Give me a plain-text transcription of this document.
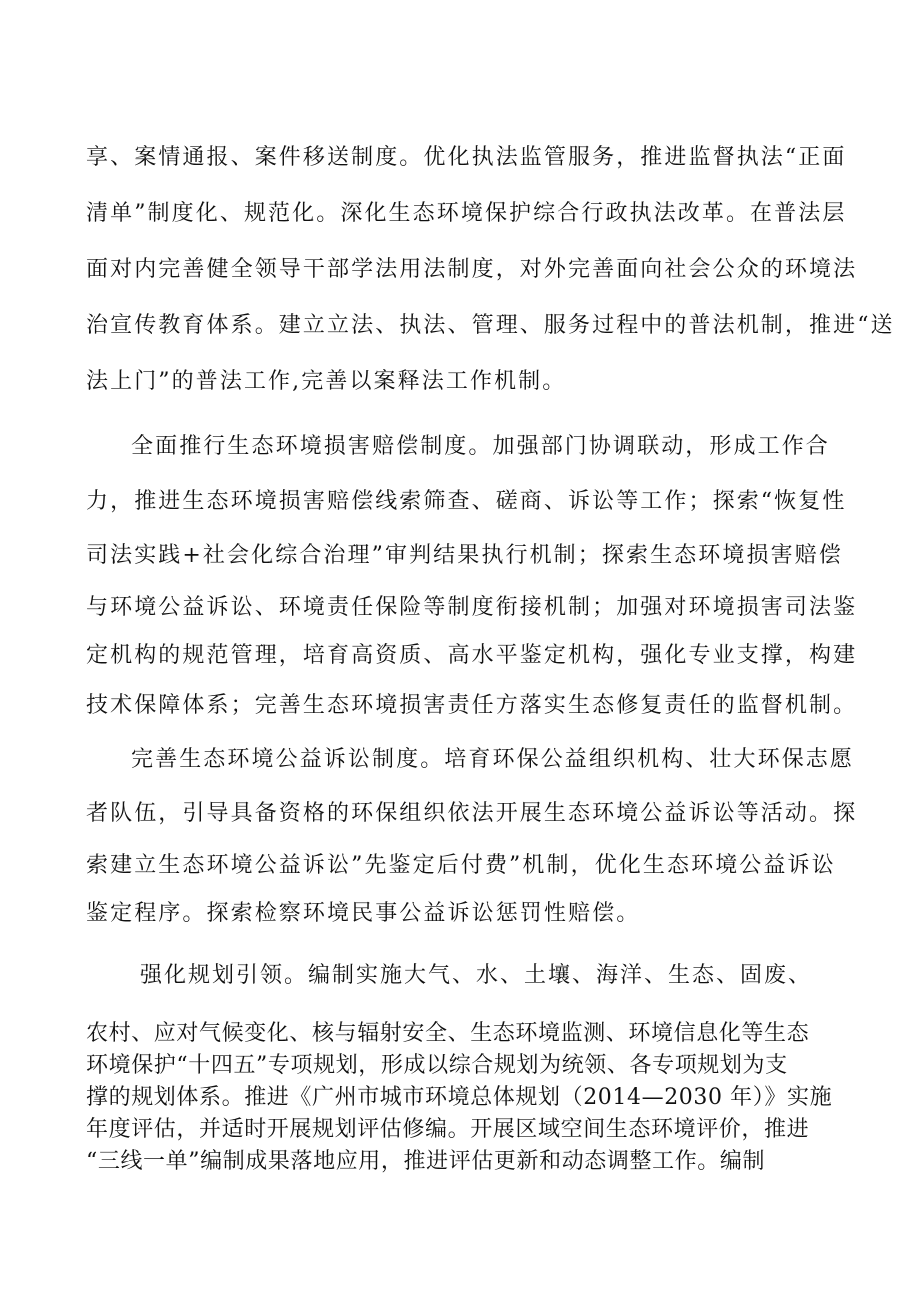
享、案情通报、案件移送制度。优化执法监管服务，推进监督执法“正面
清单”制度化、规范化。深化生态环境保护综合行政执法改革。在普法层
面对内完善健全领导干部学法用法制度，对外完善面向社会公众的环境法
治宣传教育体系。建立立法、执法、管理、服务过程中的普法机制，推进“送
法上门”的普法工作,完善以案释法工作机制。
全面推行生态环境损害赔偿制度。加强部门协调联动，形成工作合
力，推进生态环境损害赔偿线索筛查、磋商、诉讼等工作；探索“恢复性
司法实践+社会化综合治理”审判结果执行机制；探索生态环境损害赔偿
与环境公益诉讼、环境责任保险等制度衔接机制；加强对环境损害司法鉴
定机构的规范管理，培育高资质、高水平鉴定机构，强化专业支撑，构建
技术保障体系；完善生态环境损害责任方落实生态修复责任的监督机制。
完善生态环境公益诉讼制度。培育环保公益组织机构、壮大环保志愿
者队伍，引导具备资格的环保组织依法开展生态环境公益诉讼等活动。探
索建立生态环境公益诉讼”先鉴定后付费”机制，优化生态环境公益诉讼
鉴定程序。探索检察环境民事公益诉讼惩罚性赔偿。
强化规划引领。编制实施大气、水、土壤、海洋、生态、固废、
农村、应对气候变化、核与辐射安全、生态环境监测、环境信息化等生态
环境保护“十四五”专项规划，形成以综合规划为统领、各专项规划为支
撑的规划体系。推进《广州市城市环境总体规划（2014—2030 年）》实施
年度评估，并适时开展规划评估修编。开展区域空间生态环境评价，推进
“三线一单”编制成果落地应用，推进评估更新和动态调整工作。编制
